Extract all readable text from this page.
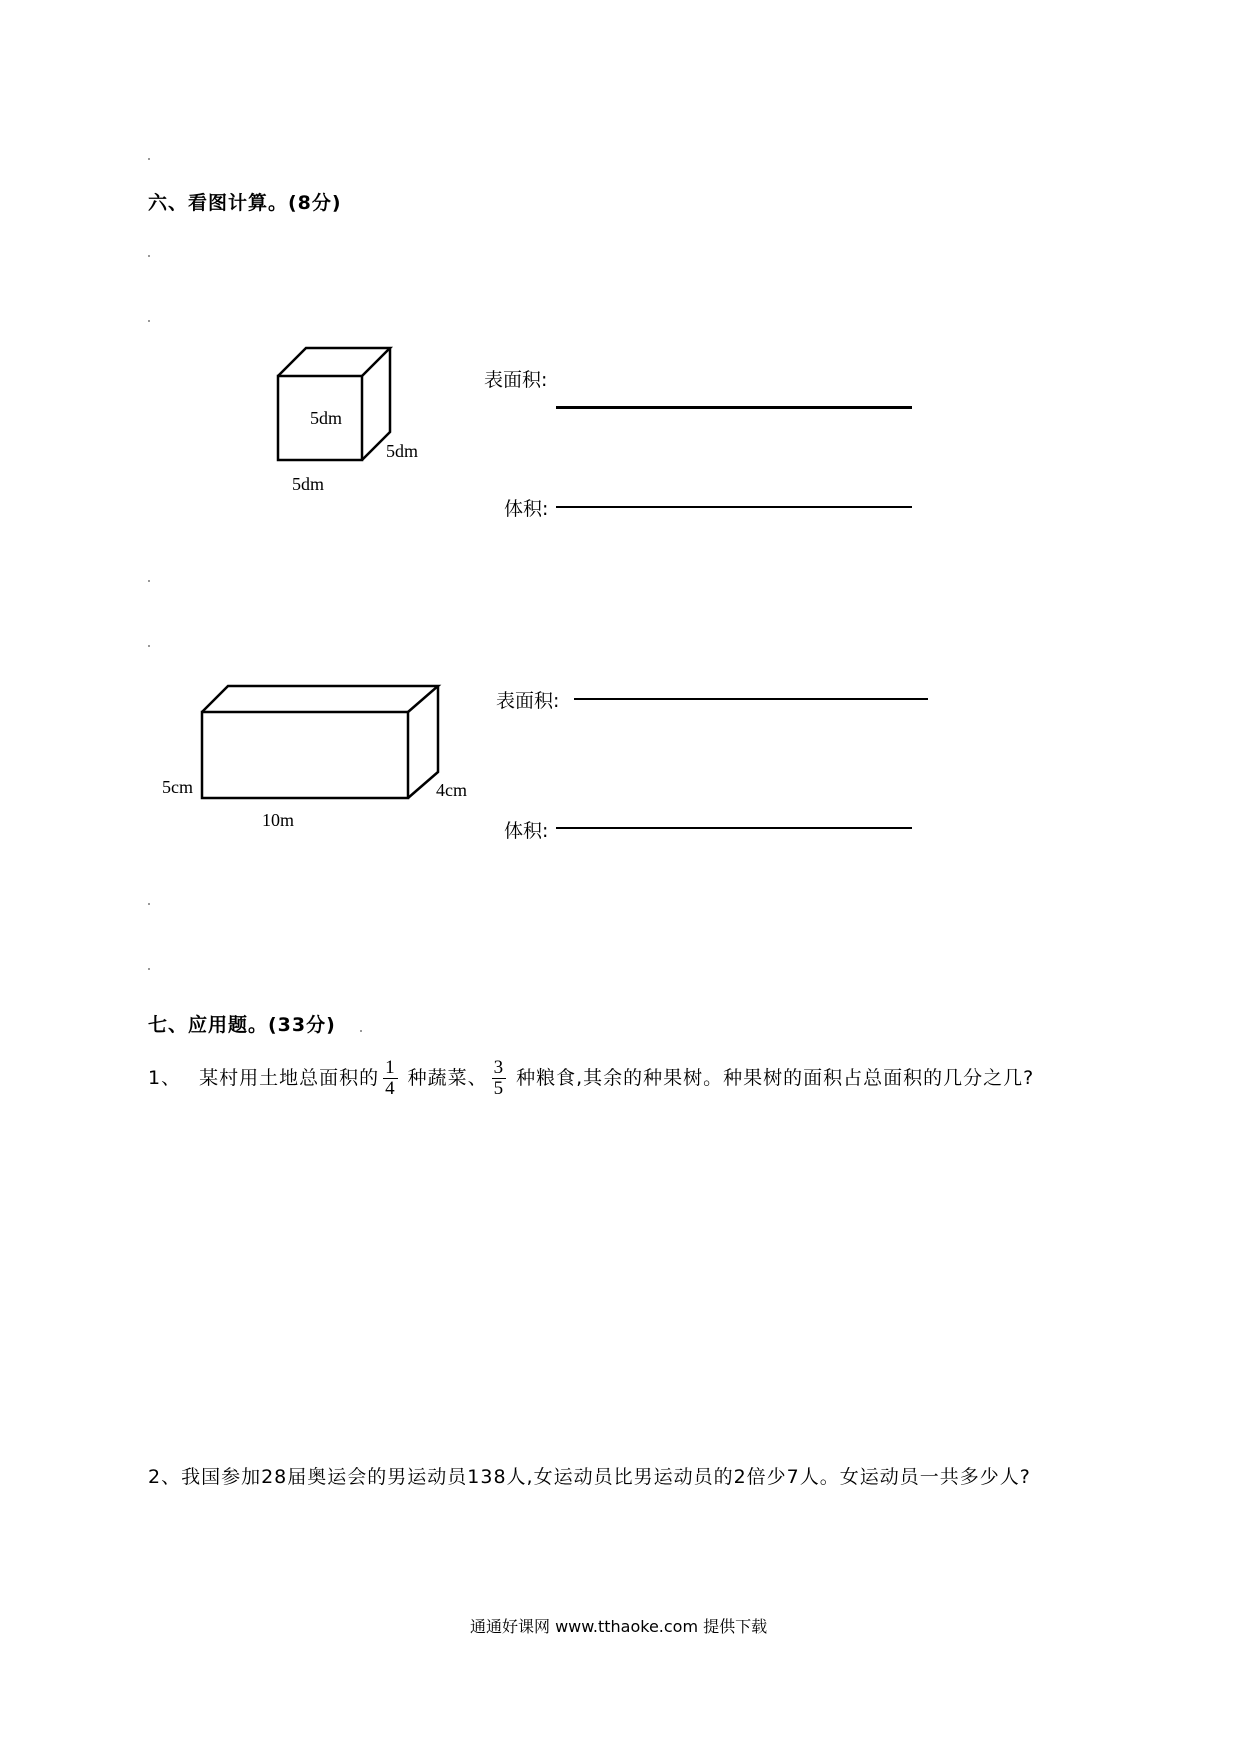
六、看图计算。(8分)
5dm
5dm
5dm
表面积:
体积:
5cm	4cm
10m
表面积:
体积:
七、应用题。(33分)
1、 某村用土地总面积的 $\frac{1}{4}$ 种蔬菜、 $\frac{3}{5}$ 种粮食,其余的种果树。种果树的面积占总面积的几分之几?
2、我国参加28届奥运会的男运动员138人,女运动员比男运动员的2倍少7人。女运动员一共多少人?
通通好课网 www.tthaoke.com 提供下载
